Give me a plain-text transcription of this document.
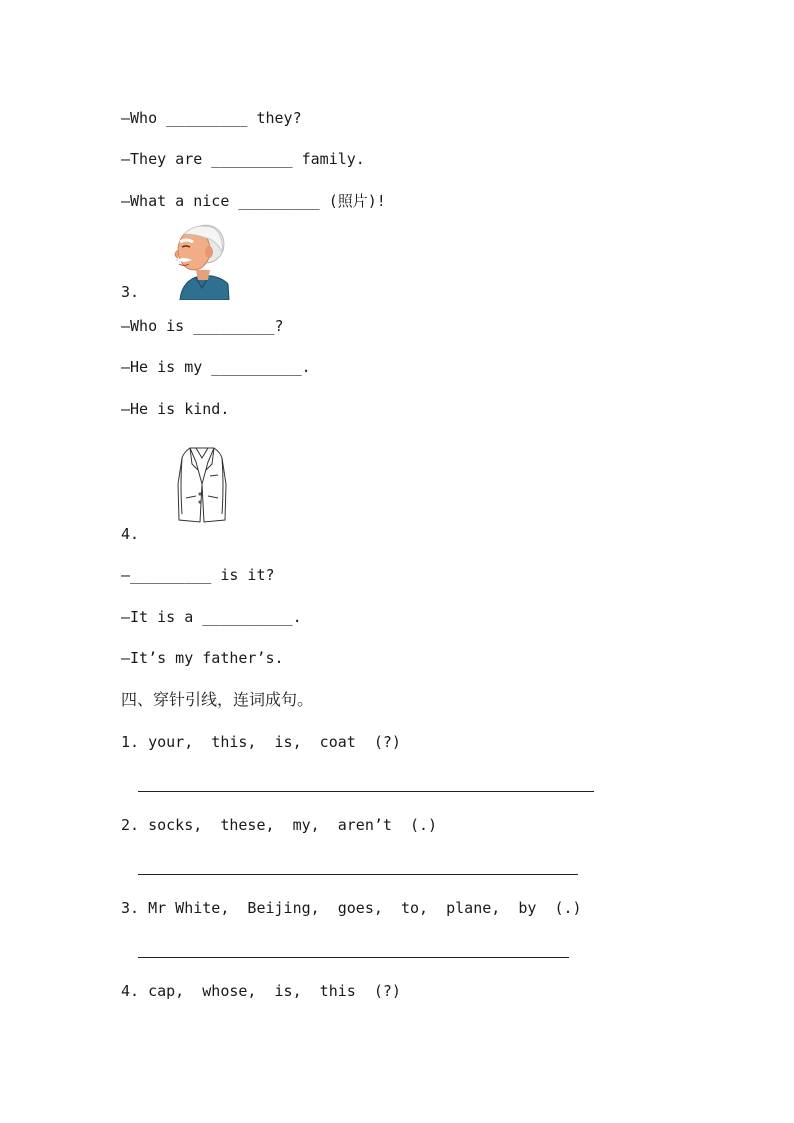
—Who _________ they?
—They are _________ family.
—What a nice _________ (照片)!
3.
—Who is _________?
—He is my __________.
—He is kind.
4.
—_________ is it?
—It is a __________.
—It’s my father’s.
四、穿针引线，连词成句。
1. your,  this,  is,  coat  (?)
2. socks,  these,  my,  aren’t  (.)
3. Mr White,  Beijing,  goes,  to,  plane,  by  (.)
4. cap,  whose,  is,  this  (?)
